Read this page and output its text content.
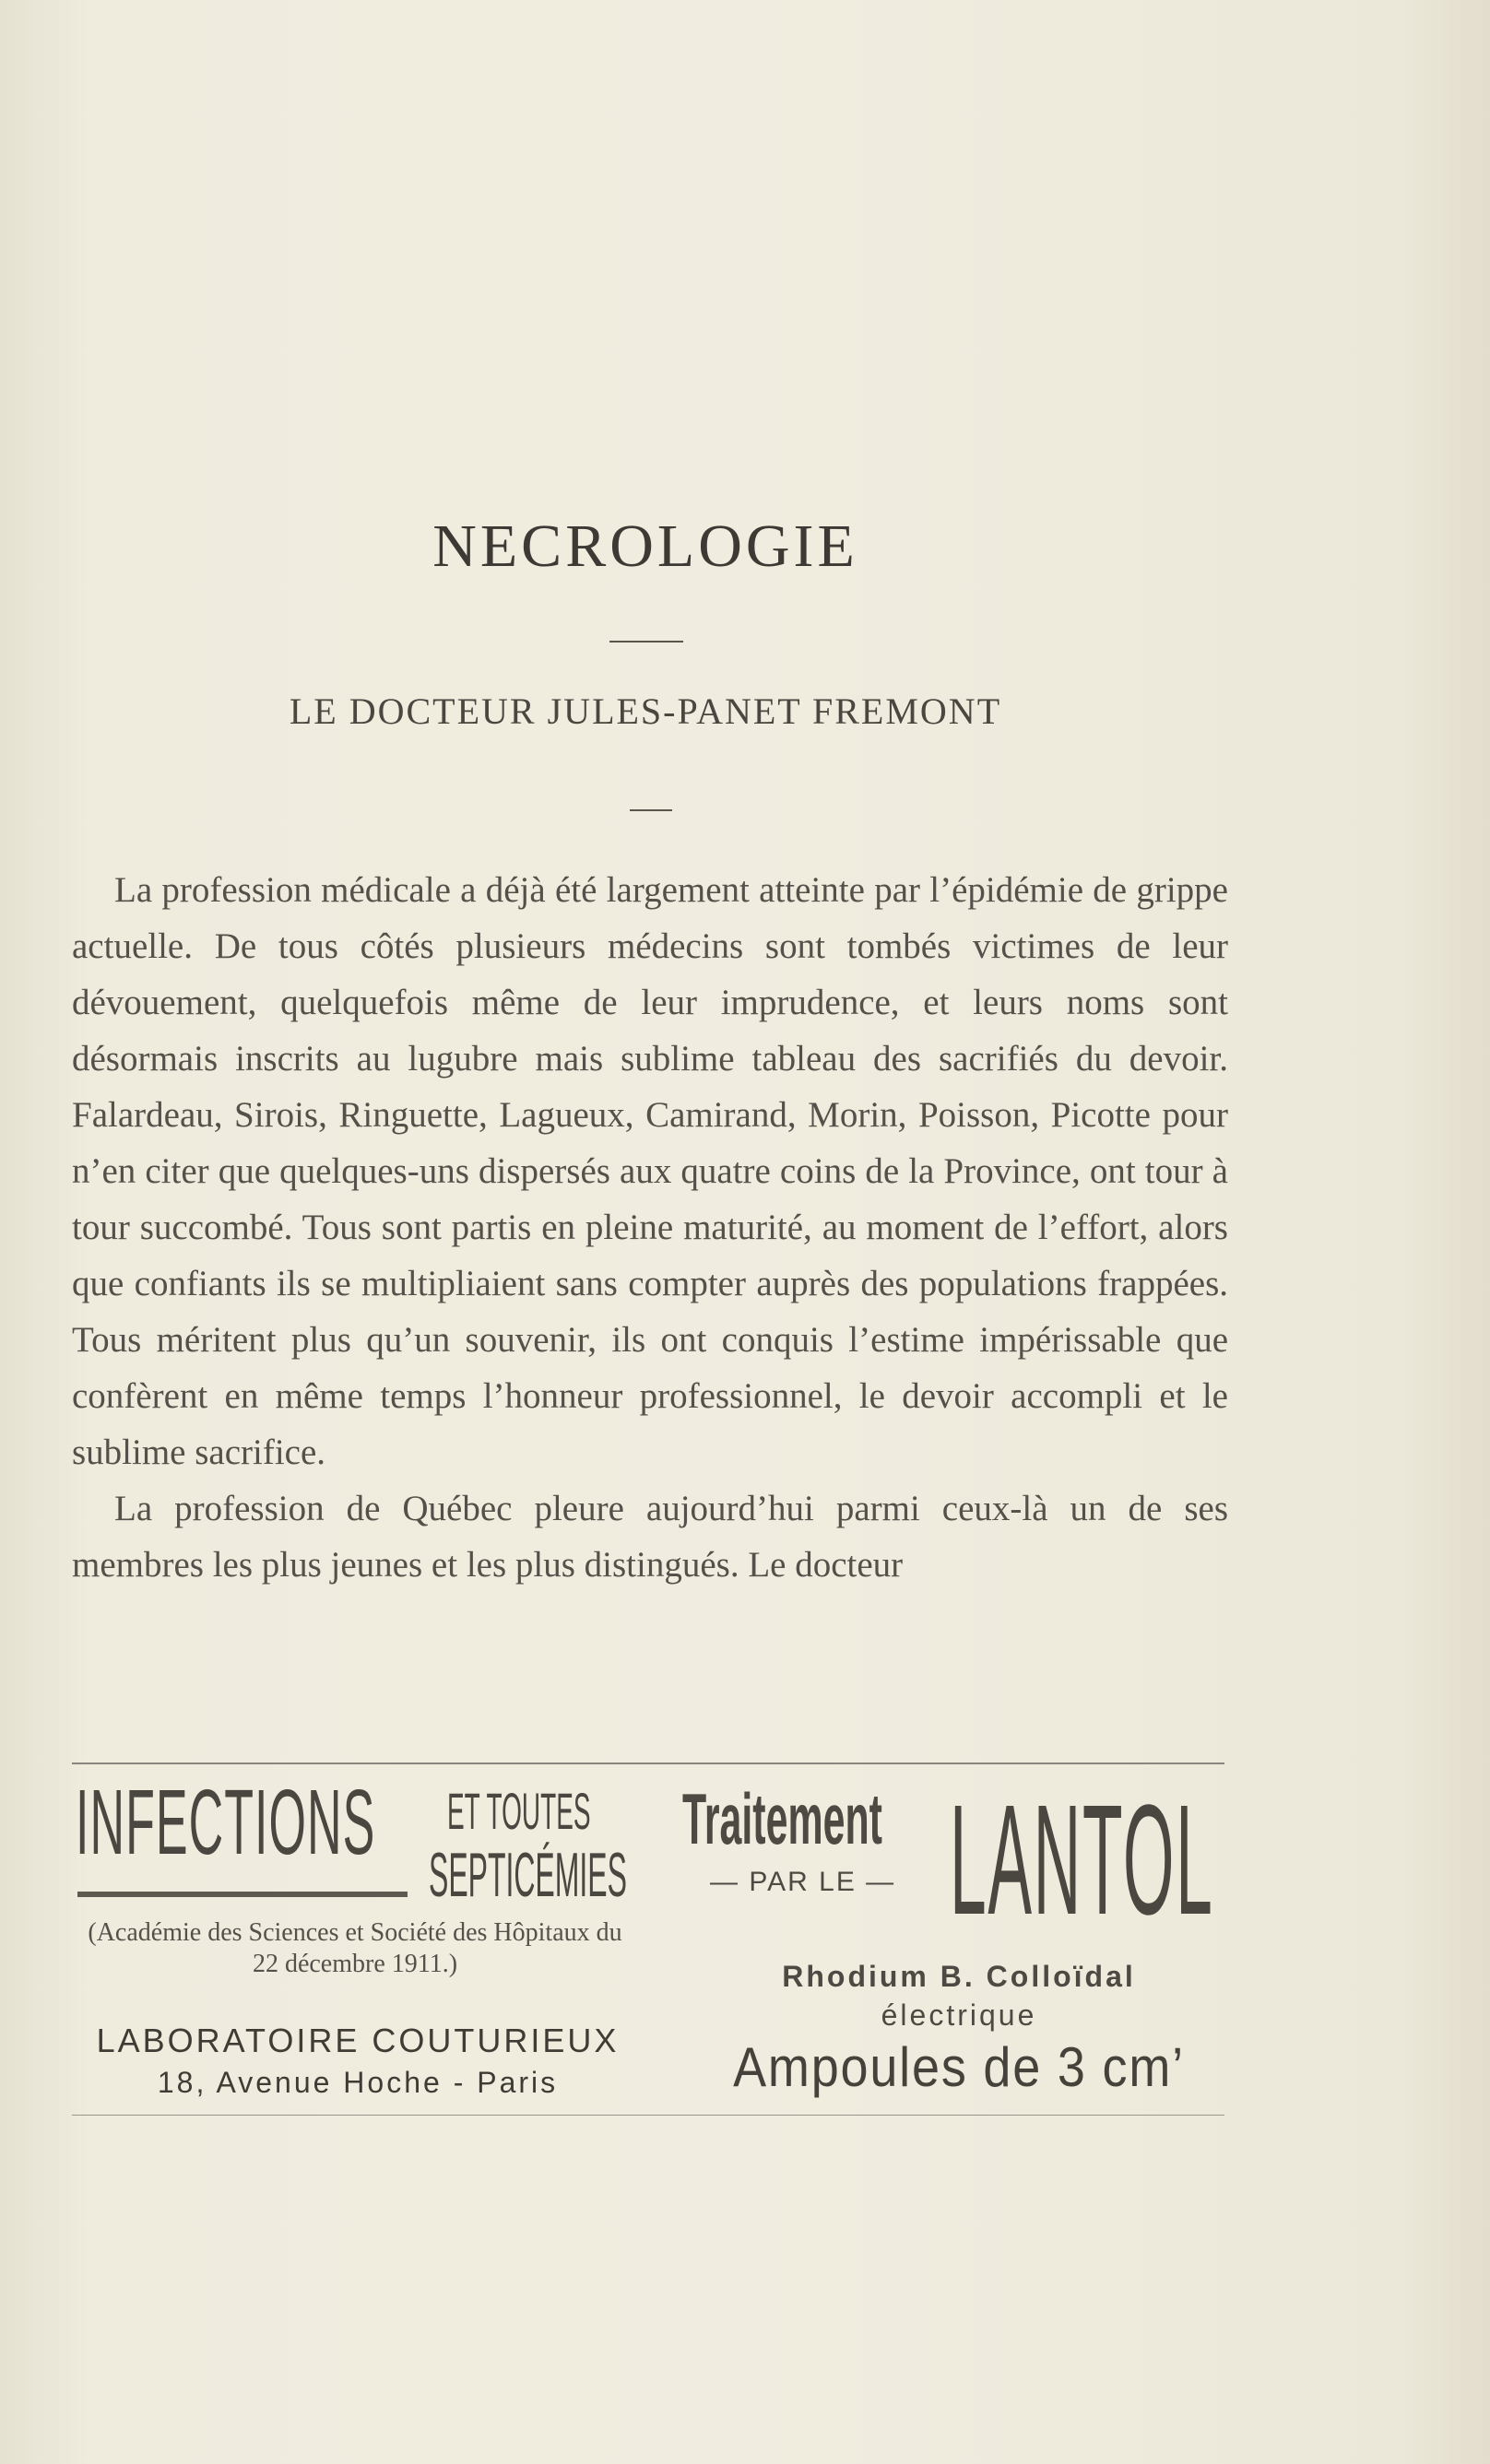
NECROLOGIE
LE DOCTEUR JULES-PANET FREMONT

La profession médicale a déjà été largement atteinte par l’épidémie de grippe actuelle. De tous côtés plusieurs médecins sont tombés victimes de leur dévouement, quelquefois même de leur imprudence, et leurs noms sont désormais inscrits au lugubre mais sublime tableau des sacrifiés du devoir. Falardeau, Sirois, Ringuette, Lagueux, Camirand, Morin, Poisson, Picotte pour n’en citer que quelques-uns dispersés aux quatre coins de la Province, ont tour à tour succombé. Tous sont partis en pleine maturité, au moment de l’effort, alors que confiants ils se multipliaient sans compter auprès des populations frappées. Tous méritent plus qu’un souvenir, ils ont conquis l’estime impérissable que confèrent en même temps l’honneur professionnel, le devoir accompli et le sublime sacrifice.

La profession de Québec pleure aujourd’hui parmi ceux-là un de ses membres les plus jeunes et les plus distingués. Le docteur

INFECTIONS ET TOUTES
SEPTICÉMIES
(Académie des Sciences et Société des Hôpitaux du 22 décembre 1911.)
LABORATOIRE COUTURIEUX
18, Avenue Hoche - Paris
Traitement
— PAR LE — LANTOL
Rhodium B. Colloïdal
électrique
Ampoules de 3 cm’
